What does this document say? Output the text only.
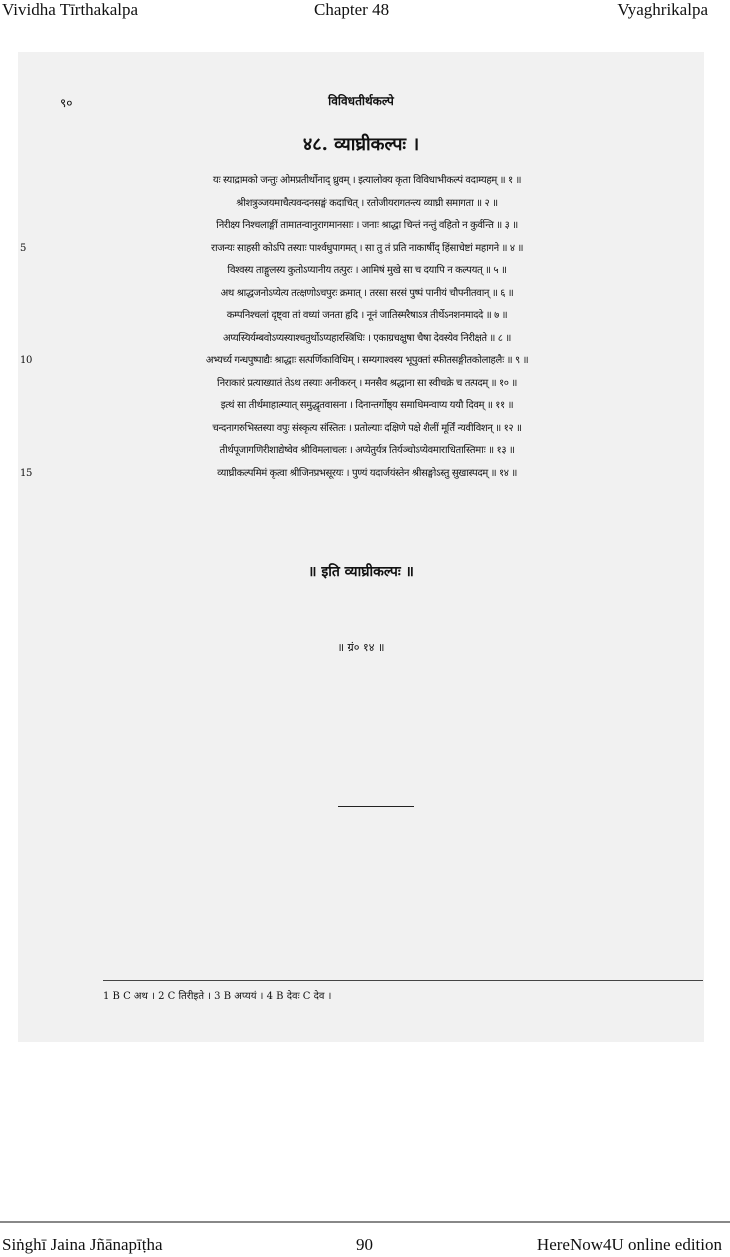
Vividha Tīrthakalpa	Chapter 48	Vyaghrikalpa
९०	विविधतीर्थकल्पे
४८. व्याघ्रीकल्पः ।
यः स्याद्रामको जन्तुः ओमप्रतीर्थोनाद् ध्रुवम् । इत्यालोक्य कृता विविधाभीकल्पं वदाम्यहम् ॥ १ ॥
श्रीशत्रुञ्जयमाचैत्यवन्दनसङ्घं कदाचित् । रतोजीयरागतन्त्य व्याघ्री समागता ॥ २ ॥
निरीक्ष्य निश्चलाङ्गीं तामातन्वानुरागमानसाः । जनाः श्राद्धा चिन्तं नन्तुं वहितो न कुर्वन्ति ॥ ३ ॥
5	राजन्यः साहसी कोऽपि तस्याः पार्श्वधुपागमत् । सा तु तं प्रति नाकार्षीद् हिंसाचेष्टां महागने ॥ ४ ॥
विश्वस्य ताङ्गुलस्य कुतोऽप्यानीय तत्पुरः । आमिषं मुखे सा च दयापि न कल्पयत् ॥ ५ ॥
अथ श्राद्धजनोऽप्येत्य तत्क्षणोऽचपुरः क्रमात् । तरसा सरसं पुष्पं पानीयं चौपनीतवान् ॥ ६ ॥
कम्पनिश्चलां दृष्ट्वा तां वध्यां जनता हृदि । नूनं जातिस्मरैषाऽत्र तीर्थेऽनशनमाददे ॥ ७ ॥
अप्यस्यिर्यम्बवोऽप्यस्याश्चतुर्थोऽप्यहारस्त्रिधिः । एकाग्रचक्षुषा चैषा देवस्येव निरीक्षते ॥ ८ ॥
10	अभ्यर्च्य गन्धपुष्पाद्यैः श्राद्धाः सत्पर्णिकाविधिम् । सम्यगाश्वस्य भूपुक्तां स्फीतसङ्गीतकोलाहलैः ॥ ९ ॥
निराकारं प्रत्याख्यातं तेऽथ तस्याः अनीकरन् । मनसैव श्रद्धाना सा स्वीचक्रे च तत्पदम् ॥ १० ॥
इत्थं सा तीर्थमाहात्म्यात् समुद्धृतवासना । दिनान्तर्गोष्ठ्य समाधिमन्वाप्य ययौ दिवम् ॥ ११ ॥
चन्दनागरुभिस्तस्या वपुः संस्कृत्य संस्तितः । प्रतोल्याः दक्षिणे पक्षे शैलीं मूर्तिं न्यवीविशन् ॥ १२ ॥
तीर्थपूजागणिरीशाद्येष्वेव श्रीविमलाचलः । अप्येतुर्यत्र तिर्यञ्चोऽप्येवमाराधितास्तिमाः ॥ १३ ॥
15	व्याघ्रीकल्पमिमं कृत्वा श्रीजिनप्रभसूरयः । पुण्यं यदार्जयंस्तेन श्रीसङ्घोऽस्तु सुखास्पदम् ॥ १४ ॥
॥ इति व्याघ्रीकल्पः ॥
॥ ग्रं० १४ ॥
1 B C अथ । 2 C तिरीइते । 3 B अप्ययं । 4 B देवः C देव ।
Siṅghī Jaina Jñānapīṭha	90	HereNow4U online edition
